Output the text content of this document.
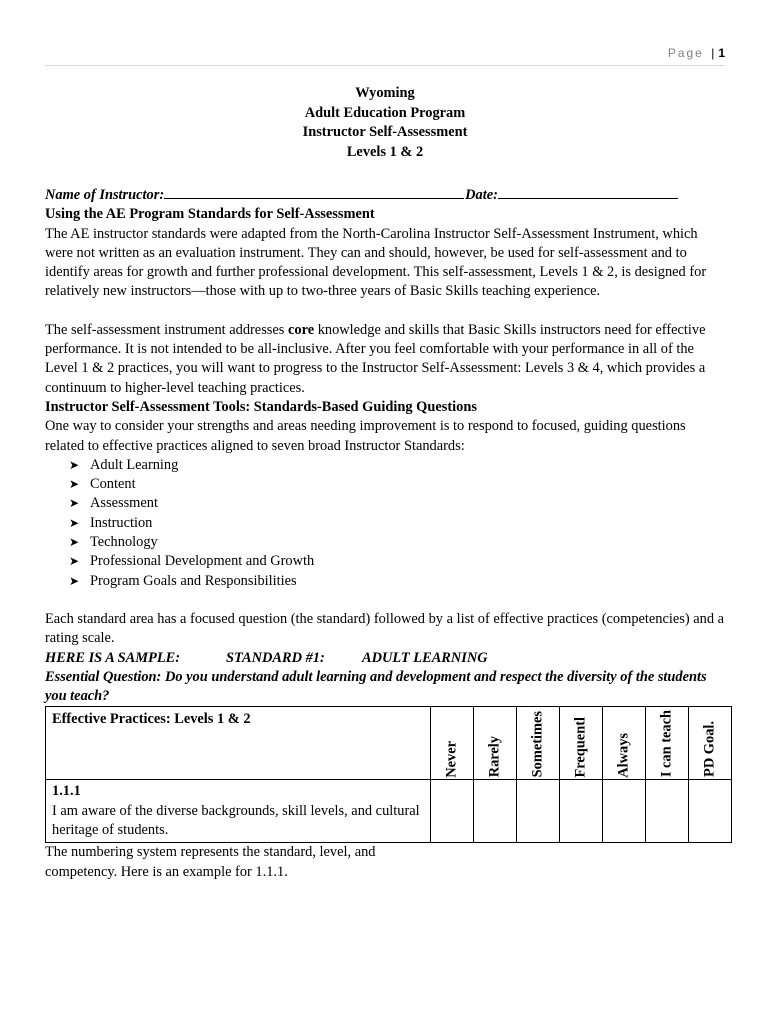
Page | 1
Wyoming
Adult Education Program
Instructor Self-Assessment
Levels 1 & 2
Name of Instructor:	Date:
Using the AE Program Standards for Self-Assessment

The AE instructor standards were adapted from the North-Carolina Instructor Self-Assessment Instrument, which were not written as an evaluation instrument. They can and should, however, be used for self-assessment and to identify areas for growth and further professional development. This self-assessment, Levels 1 & 2, is designed for relatively new instructors—those with up to two-three years of Basic Skills teaching experience.

The self-assessment instrument addresses core knowledge and skills that Basic Skills instructors need for effective performance. It is not intended to be all-inclusive. After you feel comfortable with your performance in all of the Level 1 & 2 practices, you will want to progress to the Instructor Self-Assessment: Levels 3 & 4, which provides a continuum to higher-level teaching practices.

Instructor Self-Assessment Tools: Standards-Based Guiding Questions

One way to consider your strengths and areas needing improvement is to respond to focused, guiding questions related to effective practices aligned to seven broad Instructor Standards:

➤ Adult Learning
➤ Content
➤ Assessment
➤ Instruction
➤ Technology
➤ Professional Development and Growth
➤ Program Goals and Responsibilities

Each standard area has a focused question (the standard) followed by a list of effective practices (competencies) and a rating scale.

HERE IS A SAMPLE:	STANDARD #1:	ADULT LEARNING
Essential Question: Do you understand adult learning and development and respect the diversity of the students you teach?
Effective Practices: Levels 1 & 2	Never	Rarely	Sometimes	Frequentl	Always	I can teach	PD Goal.

1.1.1
I am aware of the diverse backgrounds, skill levels, and cultural heritage of students.							

The numbering system represents the standard, level, and competency. Here is an example for 1.1.1.
